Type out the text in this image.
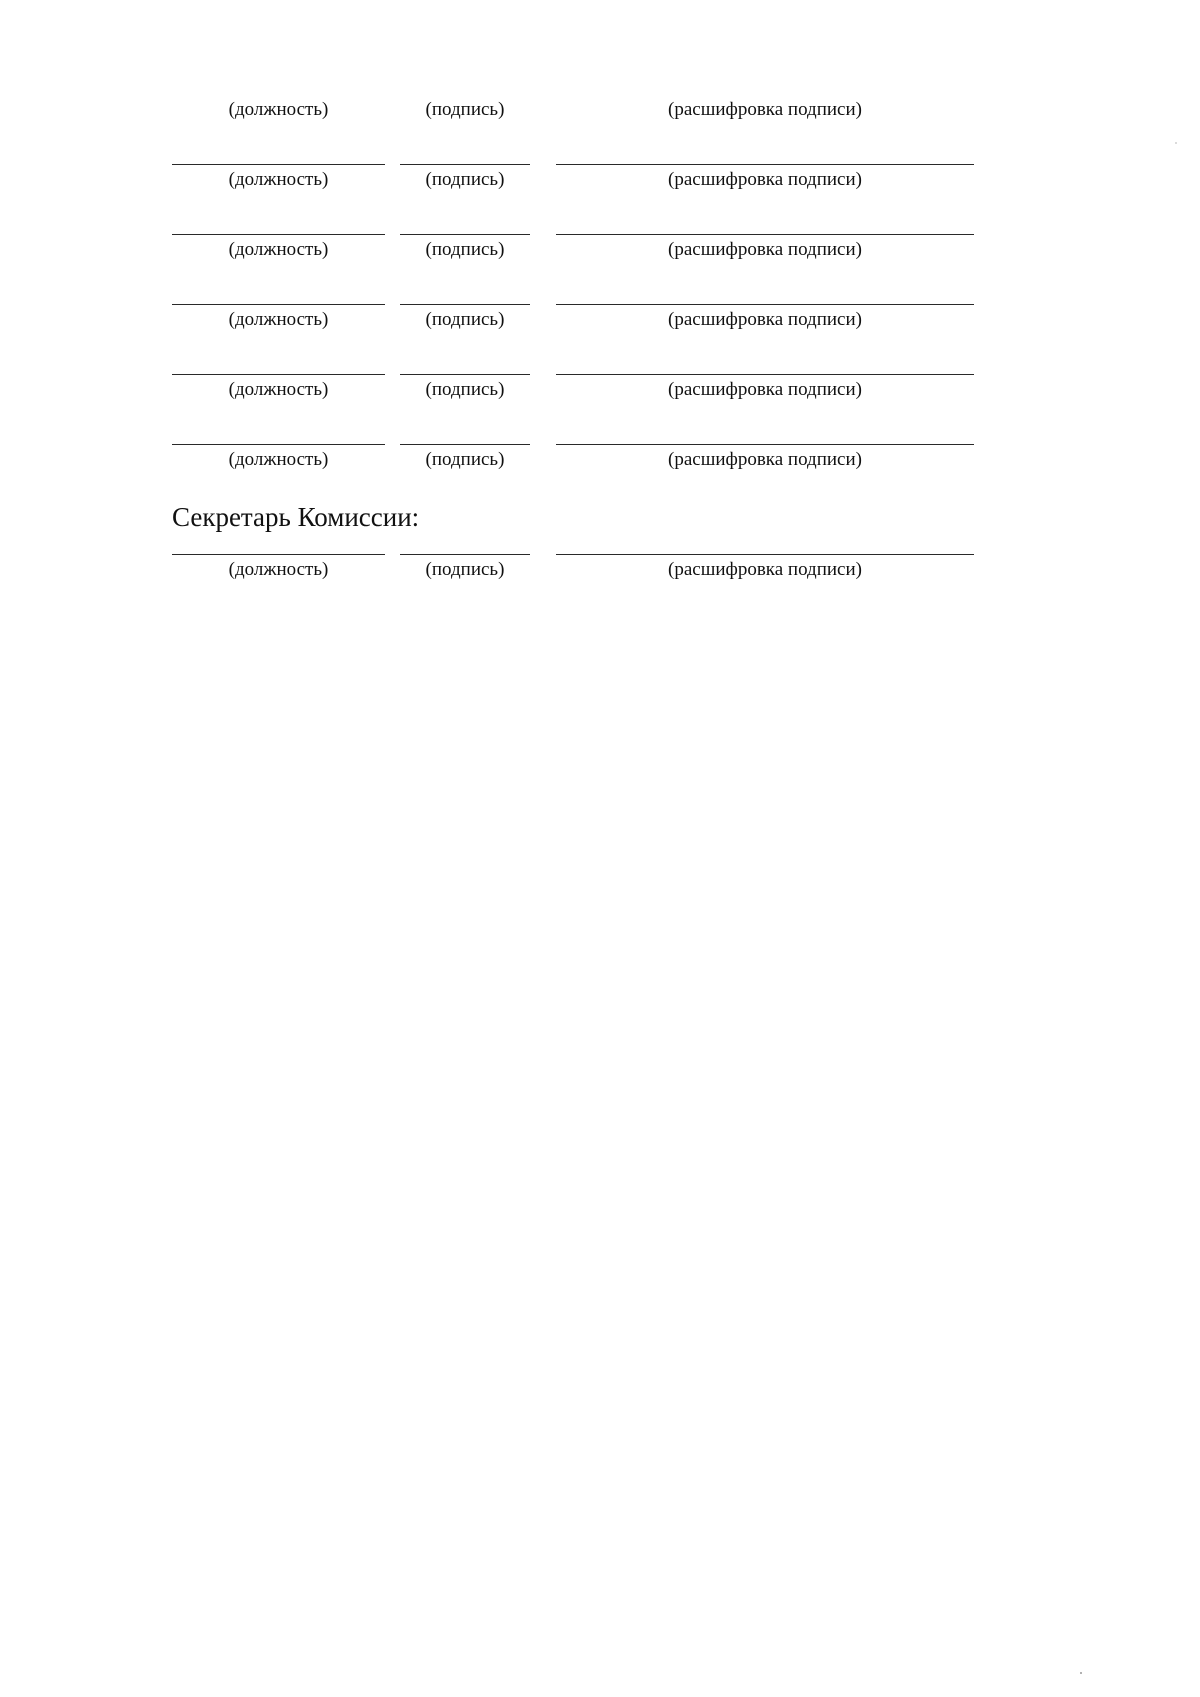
(должность)	(подпись)	(расшифровка подписи)
(должность)	(подпись)	(расшифровка подписи)
(должность)	(подпись)	(расшифровка подписи)
(должность)	(подпись)	(расшифровка подписи)
(должность)	(подпись)	(расшифровка подписи)
(должность)	(подпись)	(расшифровка подписи)
Секретарь Комиссии:
(должность)	(подпись)	(расшифровка подписи)
